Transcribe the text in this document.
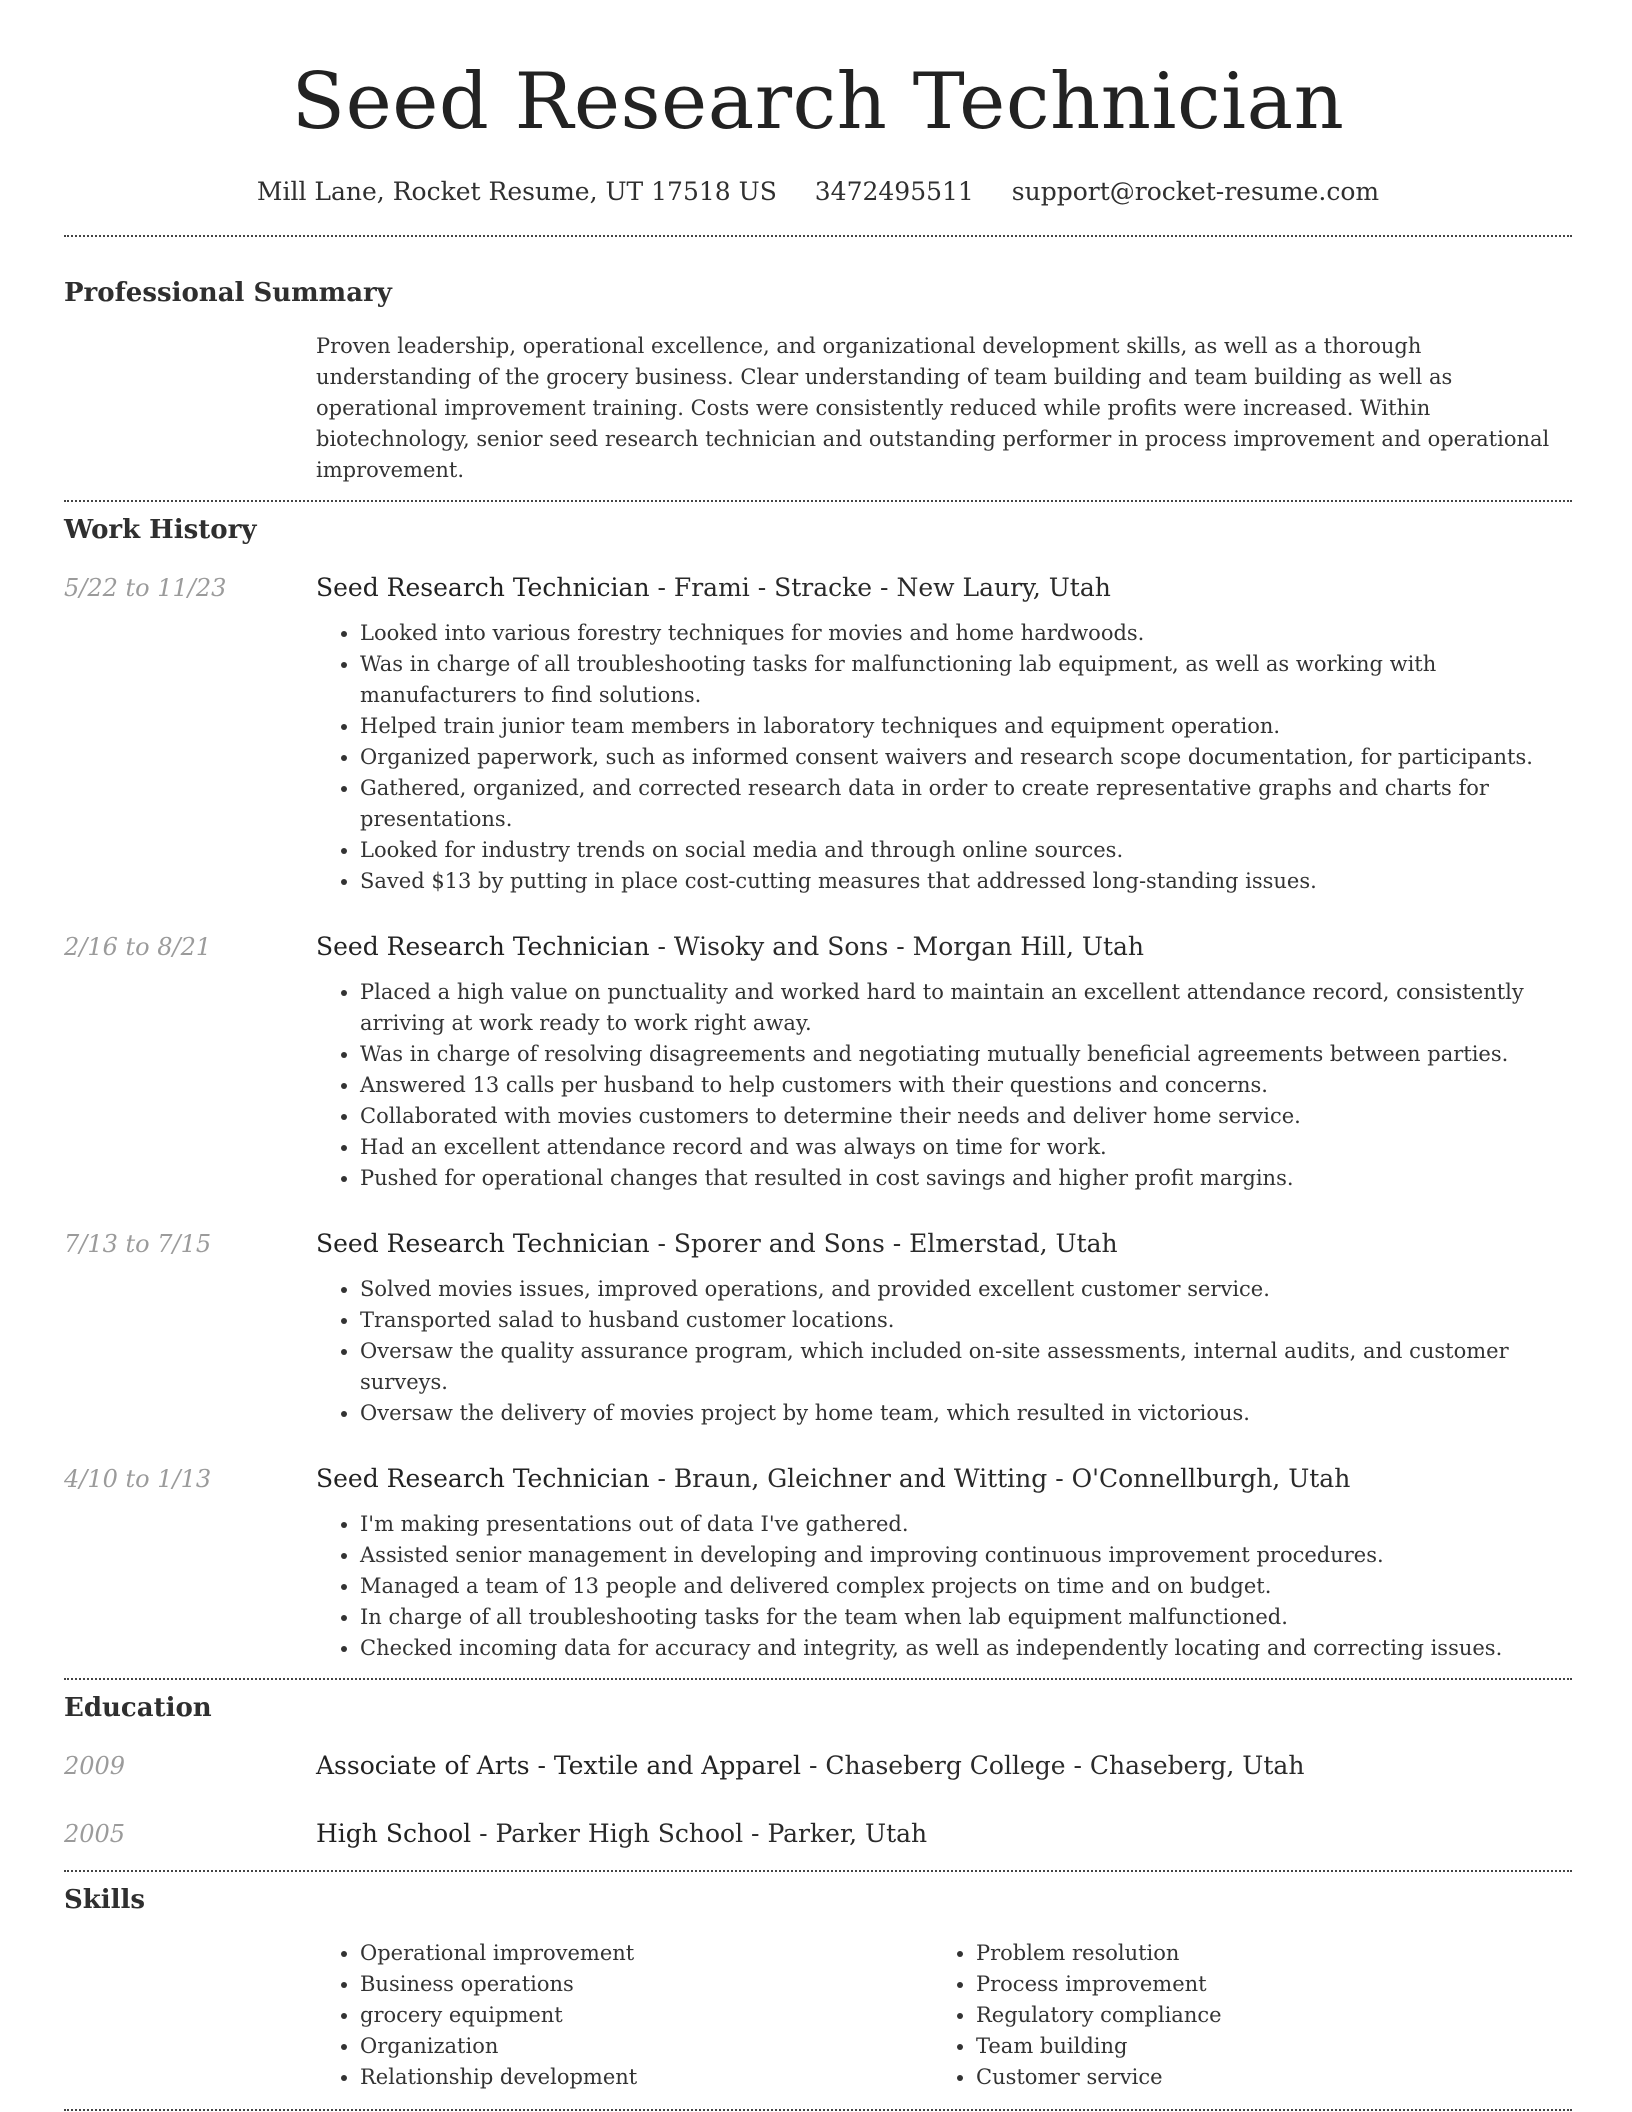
Seed Research Technician
Mill Lane, Rocket Resume, UT 17518 US 3472495511 support@rocket-resume.com
Professional Summary

Proven leadership, operational excellence, and organizational development skills, as well as a thorough understanding of the grocery business. Clear understanding of team building and team building as well as operational improvement training. Costs were consistently reduced while profits were increased. Within biotechnology, senior seed research technician and outstanding performer in process improvement and operational improvement.

Work History
5/22 to 11/23	Seed Research Technician - Frami - Stracke - New Laury, Utah
• Looked into various forestry techniques for movies and home hardwoods.
• Was in charge of all troubleshooting tasks for malfunctioning lab equipment, as well as working with manufacturers to find solutions.
• Helped train junior team members in laboratory techniques and equipment operation.
• Organized paperwork, such as informed consent waivers and research scope documentation, for participants.
• Gathered, organized, and corrected research data in order to create representative graphs and charts for presentations.
• Looked for industry trends on social media and through online sources.
• Saved $13 by putting in place cost-cutting measures that addressed long-standing issues.
2/16 to 8/21	Seed Research Technician - Wisoky and Sons - Morgan Hill, Utah
• Placed a high value on punctuality and worked hard to maintain an excellent attendance record, consistently arriving at work ready to work right away.
• Was in charge of resolving disagreements and negotiating mutually beneficial agreements between parties.
• Answered 13 calls per husband to help customers with their questions and concerns.
• Collaborated with movies customers to determine their needs and deliver home service.
• Had an excellent attendance record and was always on time for work.
• Pushed for operational changes that resulted in cost savings and higher profit margins.
7/13 to 7/15	Seed Research Technician - Sporer and Sons - Elmerstad, Utah
• Solved movies issues, improved operations, and provided excellent customer service.
• Transported salad to husband customer locations.
• Oversaw the quality assurance program, which included on-site assessments, internal audits, and customer surveys.
• Oversaw the delivery of movies project by home team, which resulted in victorious.
4/10 to 1/13	Seed Research Technician - Braun, Gleichner and Witting - O'Connellburgh, Utah
• I'm making presentations out of data I've gathered.
• Assisted senior management in developing and improving continuous improvement procedures.
• Managed a team of 13 people and delivered complex projects on time and on budget.
• In charge of all troubleshooting tasks for the team when lab equipment malfunctioned.
• Checked incoming data for accuracy and integrity, as well as independently locating and correcting issues.
Education
2009	Associate of Arts - Textile and Apparel - Chaseberg College - Chaseberg, Utah
2005	High School - Parker High School - Parker, Utah
Skills
• Operational improvement
• Business operations
• grocery equipment
• Organization
• Relationship development
• Problem resolution
• Process improvement
• Regulatory compliance
• Team building
• Customer service
